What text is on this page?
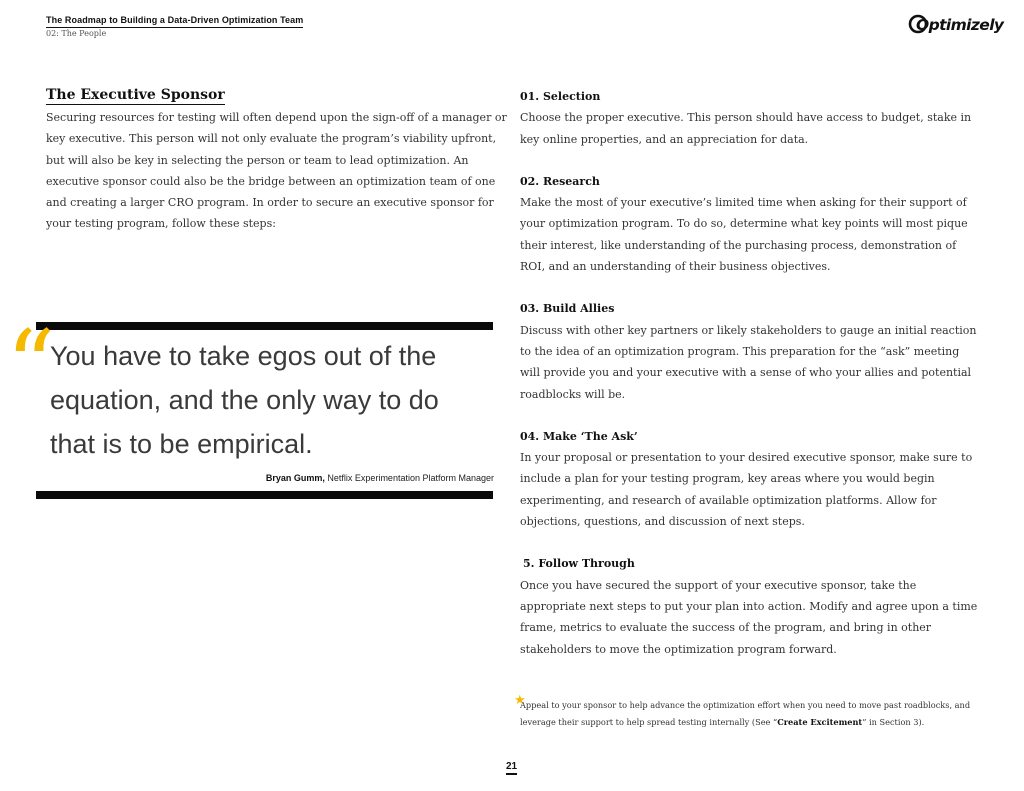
The Roadmap to Building a Data-Driven Optimization Team
02: The People	Optimizely
The Executive Sponsor

Securing resources for testing will often depend upon the sign-off of a manager or key executive. This person will not only evaluate the program’s viability upfront, but will also be key in selecting the person or team to lead optimization. An executive sponsor could also be the bridge between an optimization team of one and creating a larger CRO program. In order to secure an executive sponsor for your testing program, follow these steps:

“

You have to take egos out of the equation, and the only way to do that is to be empirical.

Bryan Gumm, Netflix Experimentation Platform Manager

01. Selection

Choose the proper executive. This person should have access to budget, stake in key online properties, and an appreciation for data.

02. Research

Make the most of your executive’s limited time when asking for their support of your optimization program. To do so, determine what key points will most pique their interest, like understanding of the purchasing process, demonstration of ROI, and an understanding of their business objectives.

03. Build Allies

Discuss with other key partners or likely stakeholders to gauge an initial reaction to the idea of an optimization program. This preparation for the “ask” meeting will provide you and your executive with a sense of who your allies and potential roadblocks will be.

04. Make ‘The Ask’

In your proposal or presentation to your desired executive sponsor, make sure to include a plan for your testing program, key areas where you would begin experimenting, and research of available optimization platforms. Allow for objections, questions, and discussion of next steps.

5. Follow Through

Once you have secured the support of your executive sponsor, take the appropriate next steps to put your plan into action. Modify and agree upon a time frame, metrics to evaluate the success of the program, and bring in other stakeholders to move the optimization program forward.

★
Appeal to your sponsor to help advance the optimization effort when you need to move past roadblocks, and leverage their support to help spread testing internally (See “Create Excitement” in Section 3).
21
